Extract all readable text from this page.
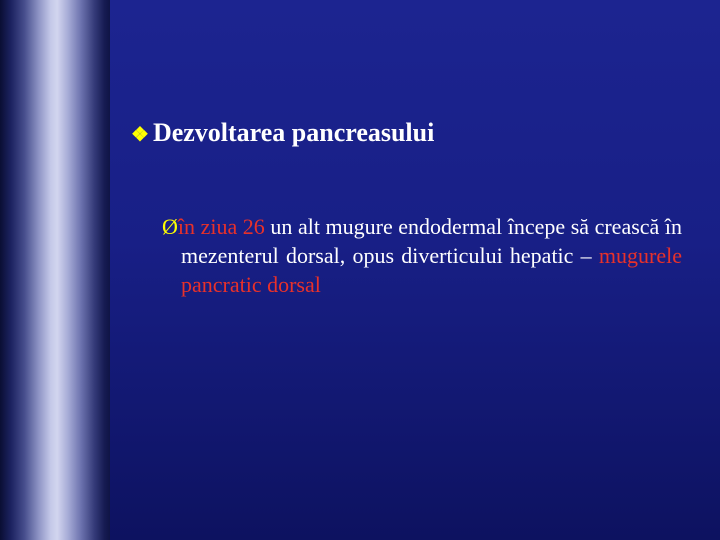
❖ Dezvoltarea pancreasului

Øîn ziua 26 un alt mugure endodermal începe să crească în mezenterul dorsal, opus diverticului hepatic – mugurele pancratic dorsal
